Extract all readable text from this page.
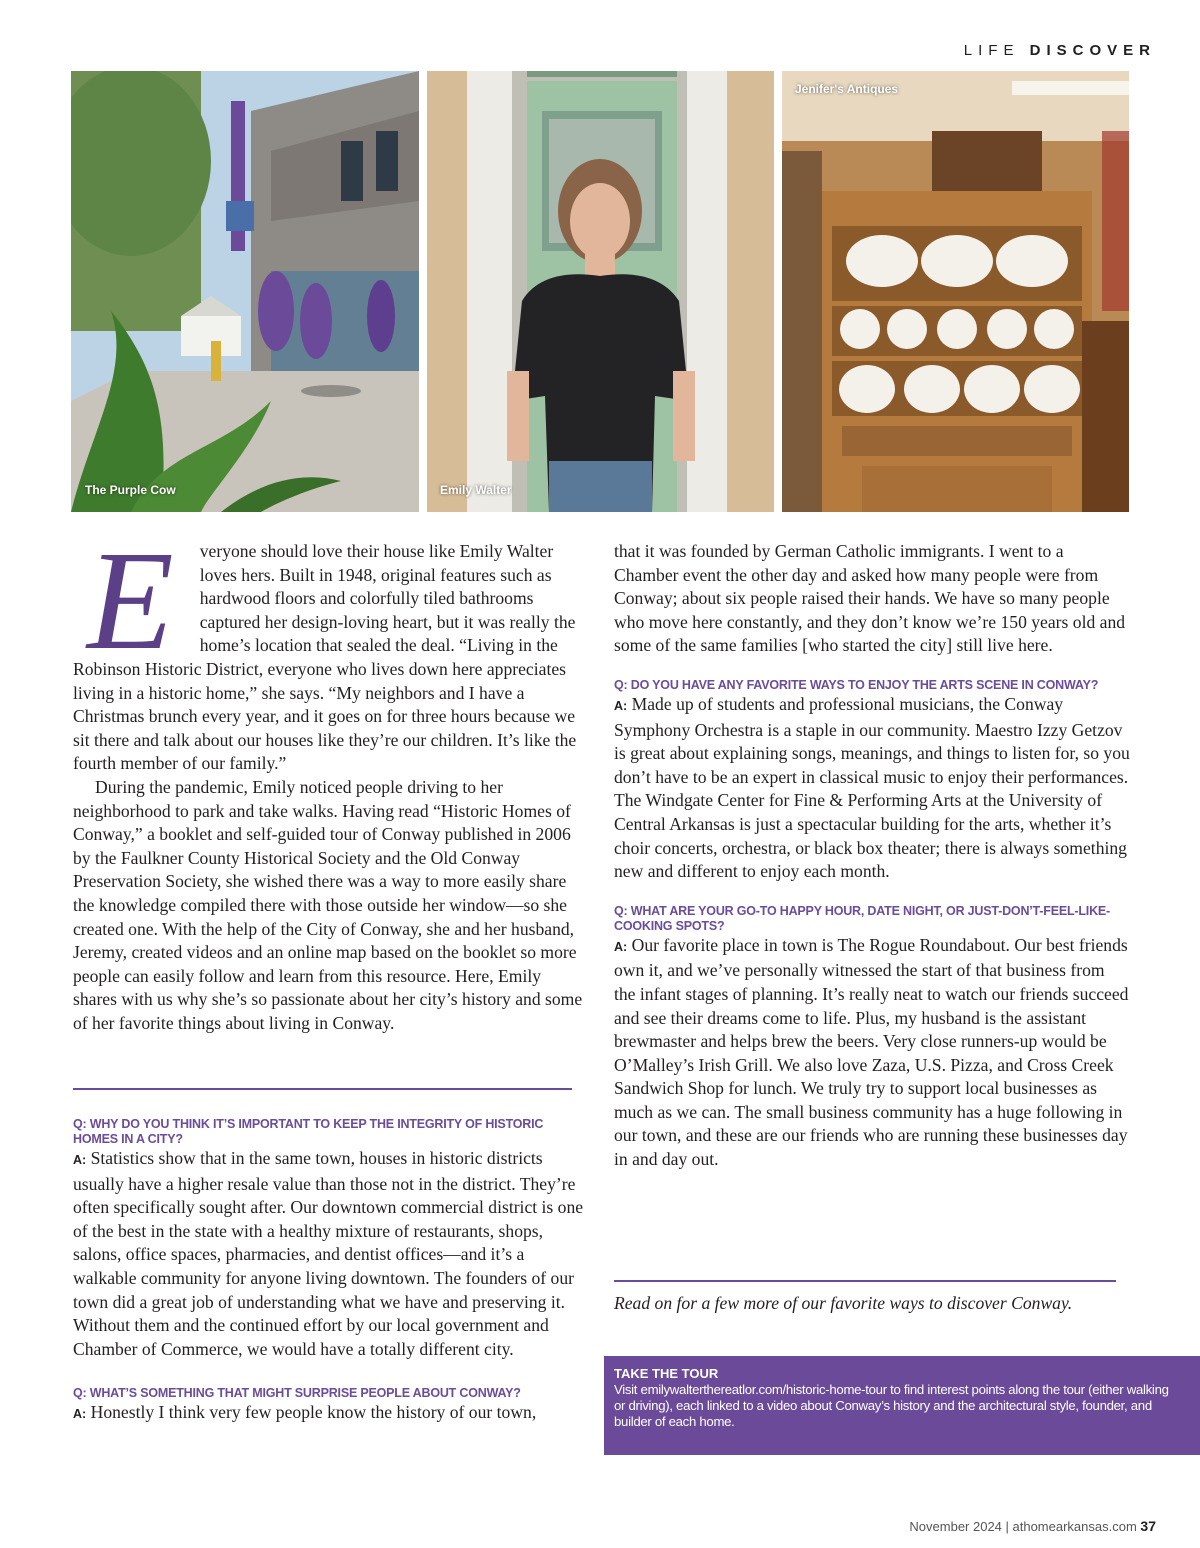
LIFE DISCOVER
The Purple Cow	Emily Walter
Jenifer's Antiques

E veryone should love their house like Emily Walter loves hers. Built in 1948, original features such as hardwood floors and colorfully tiled bathrooms captured her design-loving heart, but it was really the home’s location that sealed the deal. “Living in the Robinson Historic District, everyone who lives down here appreciates living in a historic home,” she says. “My neighbors and I have a Christmas brunch every year, and it goes on for three hours because we sit there and talk about our houses like they’re our children. It’s like the fourth member of our family.”

During the pandemic, Emily noticed people driving to her neighborhood to park and take walks. Having read “Historic Homes of Conway,” a booklet and self-guided tour of Conway published in 2006 by the Faulkner County Historical Society and the Old Conway Preservation Society, she wished there was a way to more easily share the knowledge compiled there with those outside her window—so she created one. With the help of the City of Conway, she and her husband, Jeremy, created videos and an online map based on the booklet so more people can easily follow and learn from this resource. Here, Emily shares with us why she’s so passionate about her city’s history and some of her favorite things about living in Conway.

Q: WHY DO YOU THINK IT’S IMPORTANT TO KEEP THE INTEGRITY OF HISTORIC HOMES IN A CITY?

A: Statistics show that in the same town, houses in historic districts usually have a higher resale value than those not in the district. They’re often specifically sought after. Our downtown commercial district is one of the best in the state with a healthy mixture of restaurants, shops, salons, office spaces, pharmacies, and dentist offices—and it’s a walkable community for anyone living downtown. The founders of our town did a great job of understanding what we have and preserving it. Without them and the continued effort by our local government and Chamber of Commerce, we would have a totally different city.

Q: WHAT’S SOMETHING THAT MIGHT SURPRISE PEOPLE ABOUT CONWAY?

A: Honestly I think very few people know the history of our town,

that it was founded by German Catholic immigrants. I went to a Chamber event the other day and asked how many people were from Conway; about six people raised their hands. We have so many people who move here constantly, and they don’t know we’re 150 years old and some of the same families [who started the city] still live here.

Q: DO YOU HAVE ANY FAVORITE WAYS TO ENJOY THE ARTS SCENE IN CONWAY?

A: Made up of students and professional musicians, the Conway Symphony Orchestra is a staple in our community. Maestro Izzy Getzov is great about explaining songs, meanings, and things to listen for, so you don’t have to be an expert in classical music to enjoy their performances. The Windgate Center for Fine & Performing Arts at the University of Central Arkansas is just a spectacular building for the arts, whether it’s choir concerts, orchestra, or black box theater; there is always something new and different to enjoy each month.

Q: WHAT ARE YOUR GO-TO HAPPY HOUR, DATE NIGHT, OR JUST-DON’T-FEEL-LIKE-COOKING SPOTS?

A: Our favorite place in town is The Rogue Roundabout. Our best friends own it, and we’ve personally witnessed the start of that business from the infant stages of planning. It’s really neat to watch our friends succeed and see their dreams come to life. Plus, my husband is the assistant brewmaster and helps brew the beers. Very close runners-up would be O’Malley’s Irish Grill. We also love Zaza, U.S. Pizza, and Cross Creek Sandwich Shop for lunch. We truly try to support local businesses as much as we can. The small business community has a huge following in our town, and these are our friends who are running these businesses day in and day out.

Read on for a few more of our favorite ways to discover Conway.
TAKE THE TOUR
Visit emilywalterthereatlor.com/historic-home-tour to find interest points along the tour (either walking or driving), each linked to a video about Conway’s history and the architectural style, founder, and builder of each home.
November 2024 | athomearkansas.com 37
